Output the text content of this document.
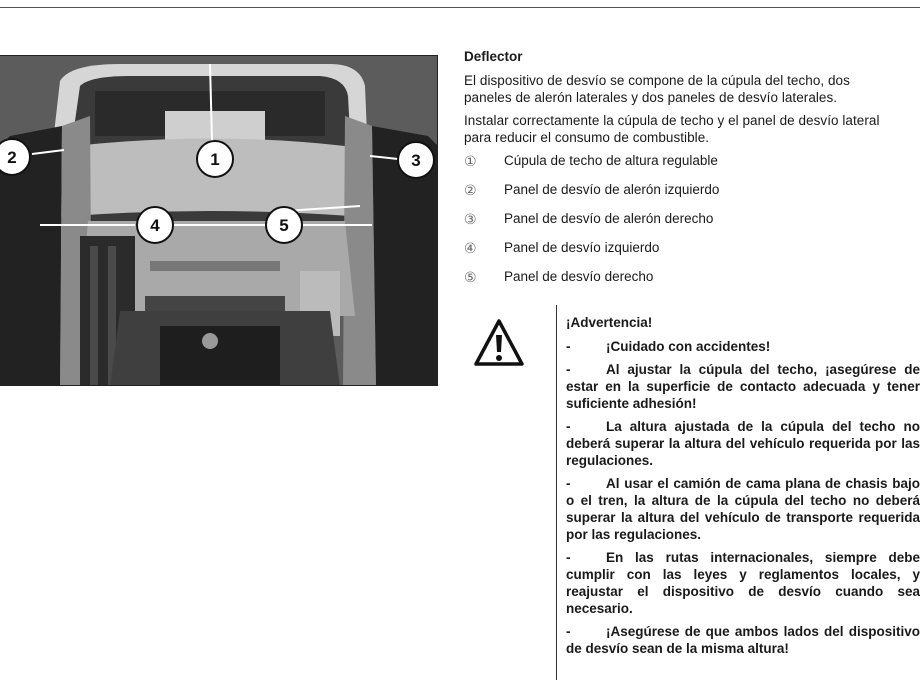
1
2	3
4	5
Deflector
El dispositivo de desvío se compone de la cúpula del techo, dos
paneles de alerón laterales y dos paneles de desvío laterales.
Instalar correctamente la cúpula de techo y el panel de desvío lateral
para reducir el consumo de combustible.
①	Cúpula de techo de altura regulable
②	Panel de desvío de alerón izquierdo
③	Panel de desvío de alerón derecho
④	Panel de desvío izquierdo
⑤	Panel de desvío derecho
¡Advertencia!
-	¡Cuidado con accidentes!
-	Al ajustar la cúpula del techo, ¡asegúrese de estar en la superficie de contacto adecuada y tener suficiente adhesión!
-	La altura ajustada de la cúpula del techo no deberá superar la altura del vehículo requerida por las regulaciones.
-	Al usar el camión de cama plana de chasis bajo o el tren, la altura de la cúpula del techo no deberá superar la altura del vehículo de transporte requerida por las regulaciones.
-	En las rutas internacionales, siempre debe cumplir con las leyes y reglamentos locales, y reajustar el dispositivo de desvío cuando sea necesario.
-	¡Asegúrese de que ambos lados del dispositivo de desvío sean de la misma altura!
